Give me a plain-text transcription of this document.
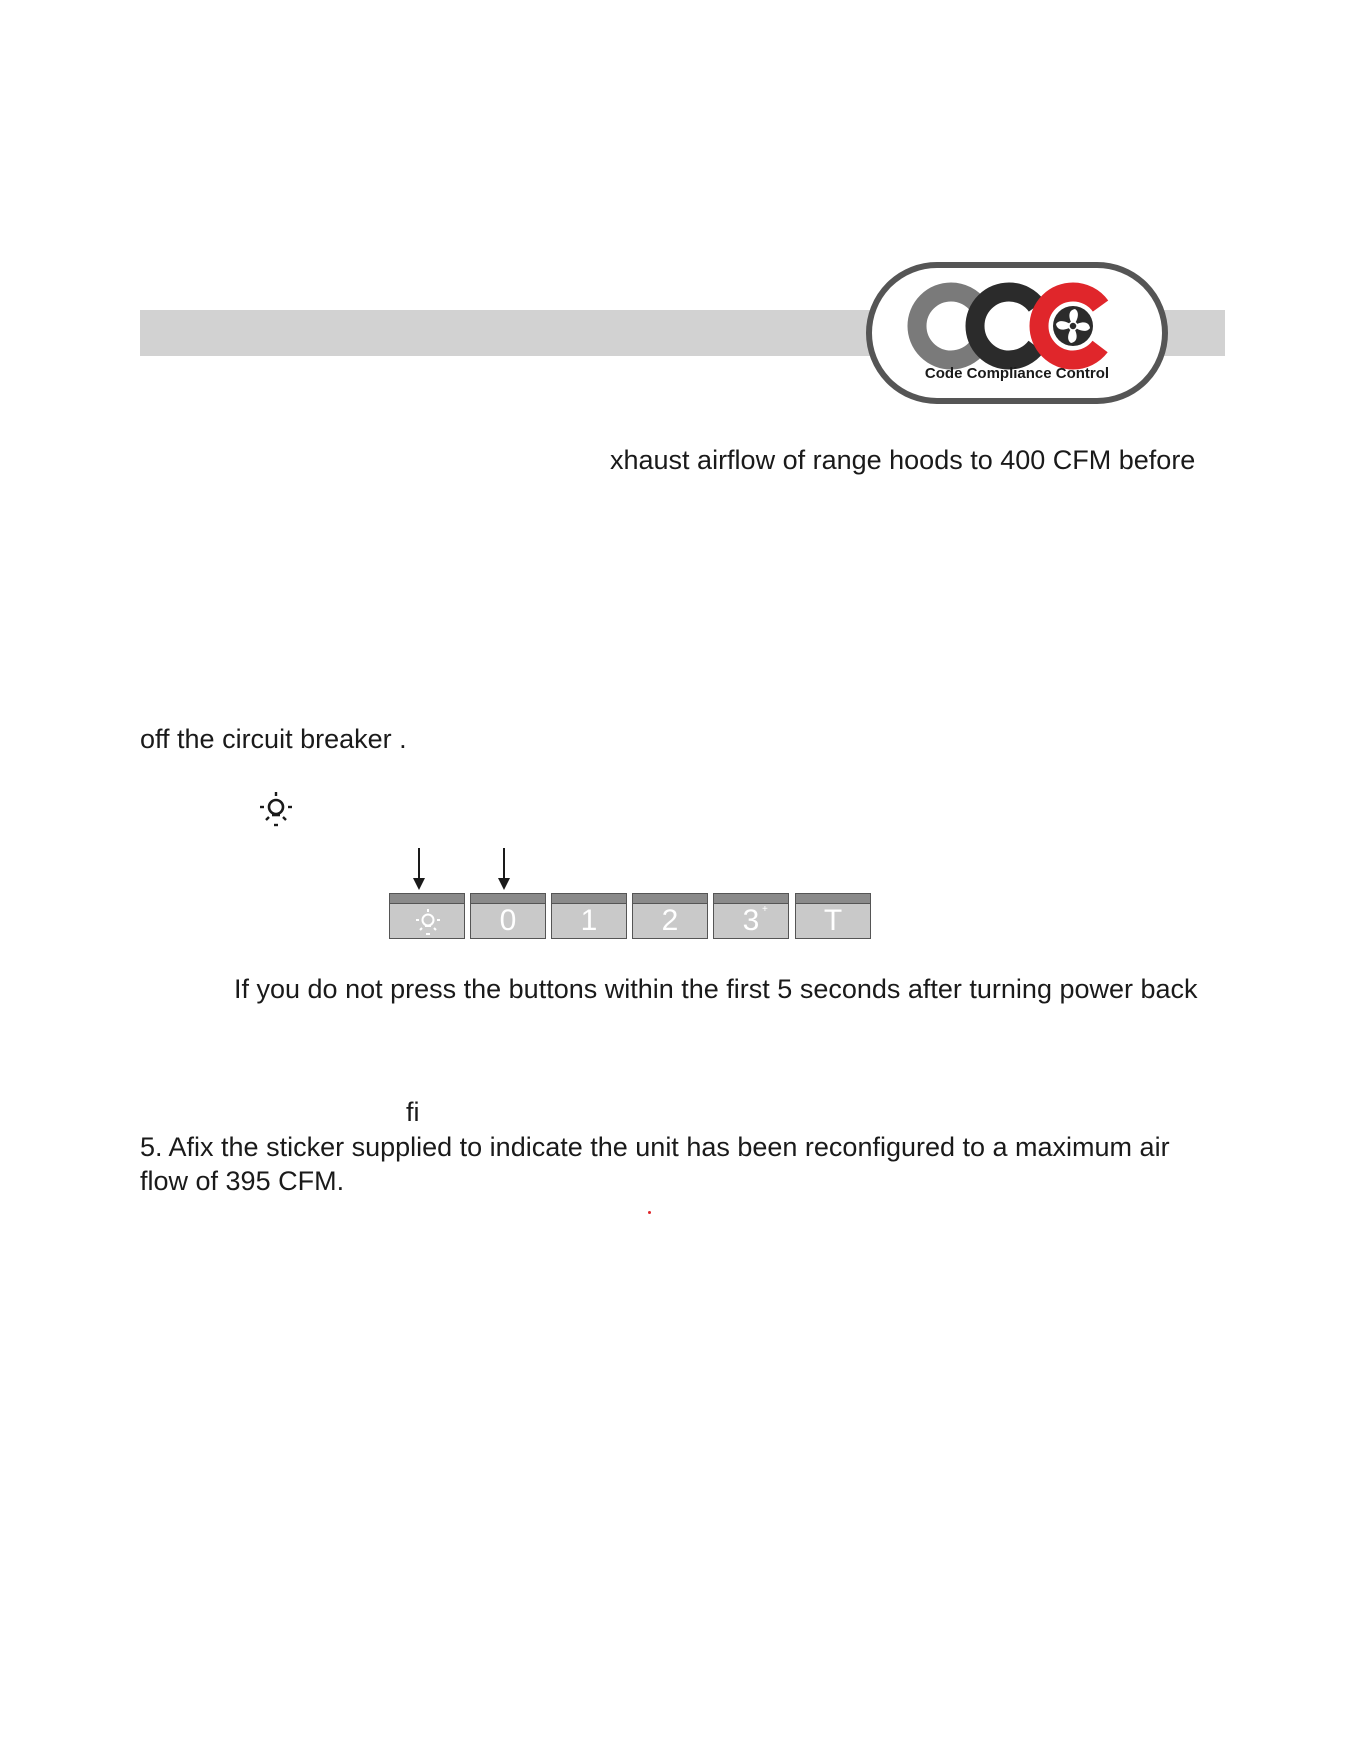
Code Compliance Control
xhaust airflow of range hoods to 400 CFM before
off the circuit breaker .
0	1	2	3 +	T
If you do not press the buttons within the first 5 seconds after turning power back
fi
5. Afix the sticker supplied to indicate the unit has been reconfigured to a maximum air
flow of 395 CFM.
